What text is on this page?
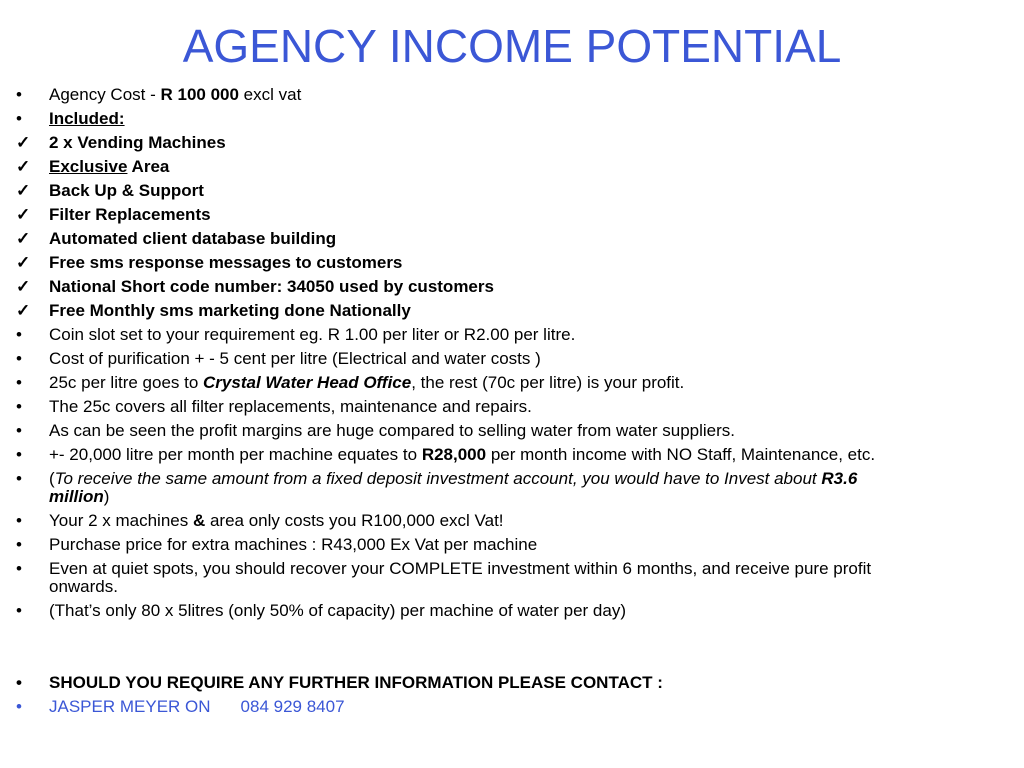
AGENCY INCOME POTENTIAL
•	Agency Cost - R 100 000 excl vat
•	Included:
✓	2 x Vending Machines
✓	Exclusive Area
✓	Back Up & Support
✓	Filter Replacements
✓	Automated client database building
✓	Free sms response messages to customers
✓	National Short code number: 34050 used by customers
✓	Free Monthly sms marketing done Nationally
•	Coin slot set to your requirement eg. R 1.00 per liter or R2.00 per litre.
•	Cost of purification + - 5 cent per litre (Electrical and water costs )
•	25c per litre goes to Crystal Water Head Office, the rest (70c per litre) is your profit.
•	The 25c covers all filter replacements, maintenance and repairs.
•	As can be seen the profit margins are huge compared to selling water from water suppliers.
•	+- 20,000 litre per month per machine equates to R28,000 per month income with NO Staff, Maintenance, etc.
•	(To receive the same amount from a fixed deposit investment account, you would have to Invest about R3.6 million)
•	Your 2 x machines & area only costs you R100,000 excl Vat!
•	Purchase price for extra machines : R43,000 Ex Vat per machine
•	Even at quiet spots, you should recover your COMPLETE investment within 6 months, and receive pure profit onwards.
•	(That’s only 80 x 5litres (only 50% of capacity) per machine of water per day)
•	SHOULD YOU REQUIRE ANY FURTHER INFORMATION PLEASE CONTACT :
•	JASPER MEYER ON 084 929 8407
